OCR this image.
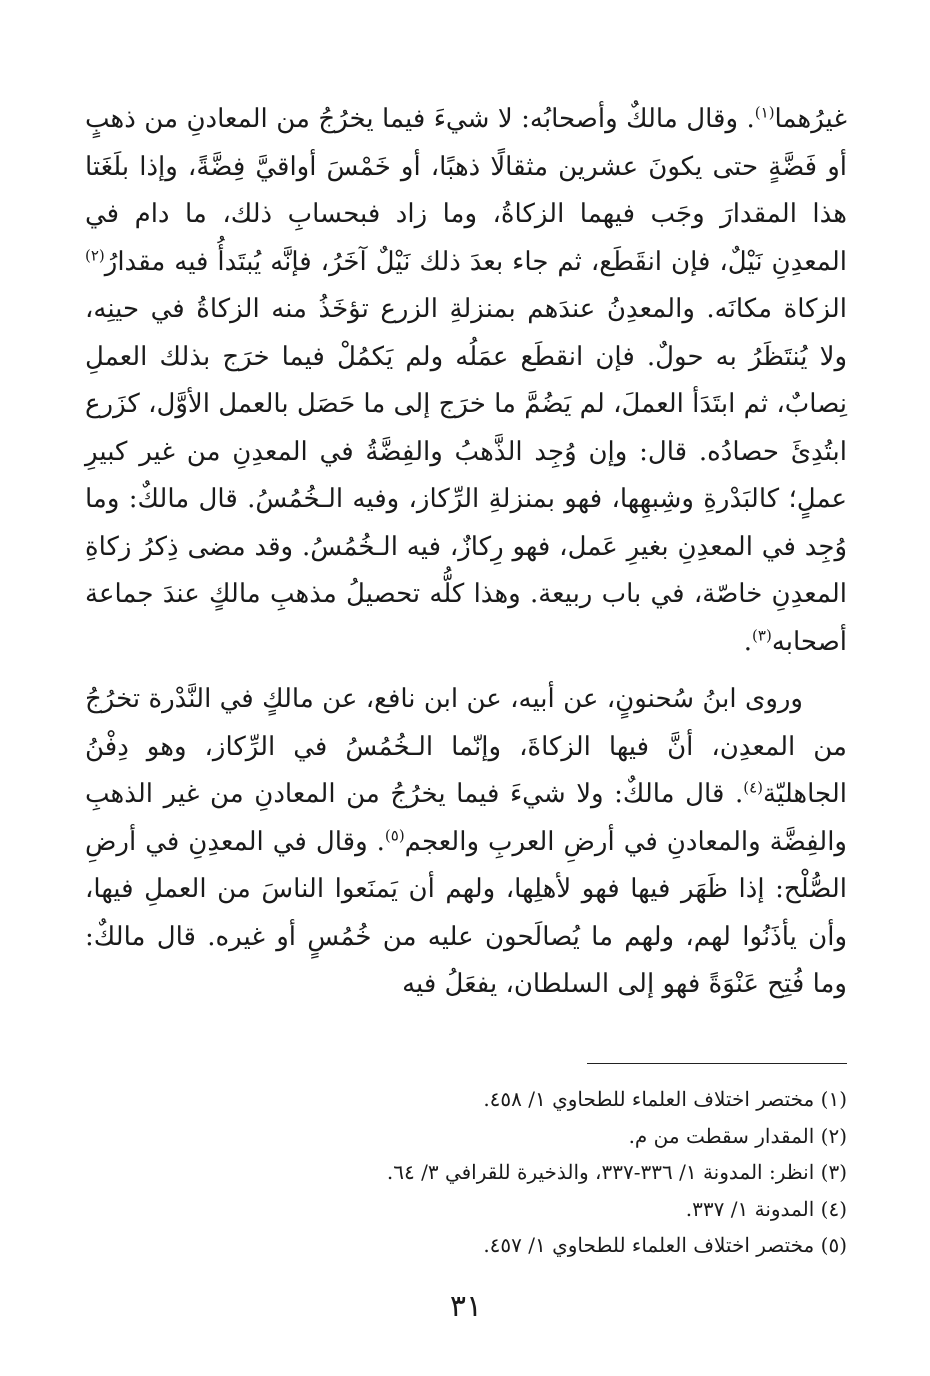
غيرُهما$^{(١)}$. وقال مالكٌ وأصحابُه: لا شيءَ فيما يخرُجُ من المعادنِ من ذهبٍ أو فَضَّةٍ حتى يكونَ عشرين مثقالًا ذهبًا، أو خَمْسَ أواقيَّ فِضَّةً، وإذا بلَغَتا هذا المقدارَ وجَب فيهما الزكاةُ، وما زاد فبحسابِ ذلك، ما دام في المعدِنِ نَيْلٌ، فإن انقَطَع، ثم جاء بعدَ ذلك نَيْلٌ آخَرُ، فإنَّه يُبتَدأُ فيه مقدارُ$^{(٢)}$ الزكاة مكانَه. والمعدِنُ عندَهم بمنزلةِ الزرع تؤخَذُ منه الزكاةُ في حينِه، ولا يُنتَظَرُ به حولٌ. فإن انقطَع عمَلُه ولم يَكمُلْ فيما خرَج بذلك العملِ نِصابٌ، ثم ابتَدَأ العملَ، لم يَضُمَّ ما خرَج إلى ما حَصَل بالعمل الأوَّل، كزَرع ابتُدِئَ حصادُه. قال: وإن وُجِد الذَّهبُ والفِضَّةُ في المعدِنِ من غير كبيرِ عملٍ؛ كالبَدْرةِ وشِبهِها، فهو بمنزلةِ الرِّكاز، وفيه الـخُمُسُ. قال مالكٌ: وما وُجِد في المعدِنِ بغيرِ عَمل، فهو رِكازٌ، فيه الـخُمُسُ. وقد مضى ذِكرُ زكاةِ المعدِنِ خاصّة، في باب ربيعة. وهذا كلُّه تحصيلُ مذهبِ مالكٍ عندَ جماعة أصحابه$^{(٣)}$.

وروى ابنُ سُحنونٍ، عن أبيه، عن ابن نافع، عن مالكٍ في النَّدْرة تخرُجُ من المعدِن، أنَّ فيها الزكاةَ، وإنّما الـخُمُسُ في الرِّكاز، وهو دِفْنُ الجاهليّة$^{(٤)}$. قال مالكٌ: ولا شيءَ فيما يخرُجُ من المعادنِ من غير الذهبِ والفِضَّة والمعادنِ في أرضِ العربِ والعجم$^{(٥)}$. وقال في المعدِنِ في أرضِ الصُّلْح: إذا ظَهَر فيها فهو لأهلِها، ولهم أن يَمنَعوا الناسَ من العملِ فيها، وأن يأذَنُوا لهم، ولهم ما يُصالَحون عليه من خُمُسٍ أو غيره. قال مالكٌ: وما فُتِح عَنْوَةً فهو إلى السلطان، يفعَلُ فيه

(١) مختصر اختلاف العلماء للطحاوي ١/ ٤٥٨.
(٢) المقدار سقطت من م.
(٣) انظر: المدونة ١/ ٣٣٦-٣٣٧، والذخيرة للقرافي ٣/ ٦٤.
(٤) المدونة ١/ ٣٣٧.
(٥) مختصر اختلاف العلماء للطحاوي ١/ ٤٥٧.
٣١
